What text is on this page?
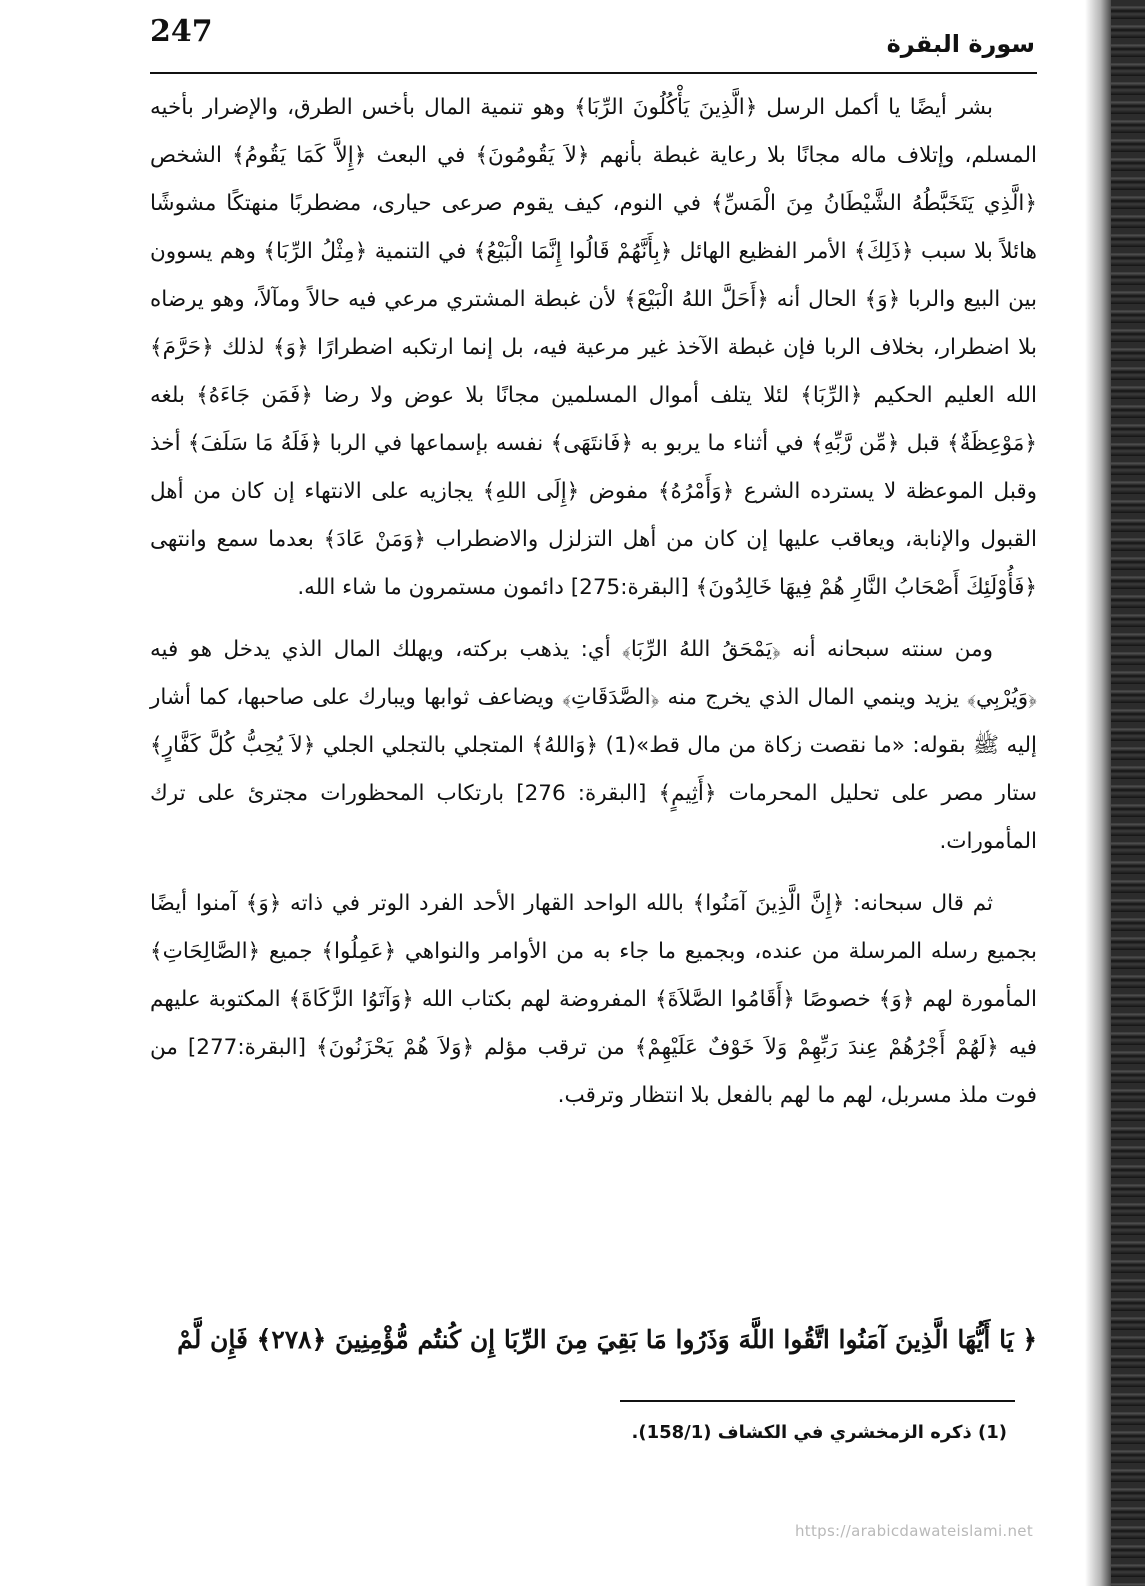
247	سورة البقرة

بشر أيضًا يا أكمل الرسل ﴿الَّذِينَ يَأْكُلُونَ الرِّبَا﴾ وهو تنمية المال بأخس الطرق، والإضرار بأخيه المسلم، وإتلاف ماله مجانًا بلا رعاية غبطة بأنهم ﴿لاَ يَقُومُونَ﴾ في البعث ﴿إِلاَّ كَمَا يَقُومُ﴾ الشخص ﴿الَّذِي يَتَخَبَّطُهُ الشَّيْطَانُ مِنَ الْمَسِّ﴾ في النوم، كيف يقوم صرعى حيارى، مضطربًا منهتكًا مشوشًا هائلاً بلا سبب ﴿ذَلِكَ﴾ الأمر الفظيع الهائل ﴿بِأَنَّهُمْ قَالُوا إِنَّمَا الْبَيْعُ﴾ في التنمية ﴿مِثْلُ الرِّبَا﴾ وهم يسوون بين البيع والربا ﴿وَ﴾ الحال أنه ﴿أَحَلَّ اللهُ الْبَيْعَ﴾ لأن غبطة المشتري مرعي فيه حالاً ومآلاً، وهو يرضاه بلا اضطرار، بخلاف الربا فإن غبطة الآخذ غير مرعية فيه، بل إنما ارتكبه اضطرارًا ﴿وَ﴾ لذلك ﴿حَرَّمَ﴾ الله العليم الحكيم ﴿الرِّبَا﴾ لئلا يتلف أموال المسلمين مجانًا بلا عوض ولا رضا ﴿فَمَن جَاءَهُ﴾ بلغه ﴿مَوْعِظَةٌ﴾ قبل ﴿مِّن رَّبِّهِ﴾ في أثناء ما يربو به ﴿فَانتَهَى﴾ نفسه بإسماعها في الربا ﴿فَلَهُ مَا سَلَفَ﴾ أخذ وقبل الموعظة لا يسترده الشرع ﴿وَأَمْرُهُ﴾ مفوض ﴿إِلَى اللهِ﴾ يجازيه على الانتهاء إن كان من أهل القبول والإنابة، ويعاقب عليها إن كان من أهل التزلزل والاضطراب ﴿وَمَنْ عَادَ﴾ بعدما سمع وانتهى ﴿فَأُوْلَئِكَ أَصْحَابُ النَّارِ هُمْ فِيهَا خَالِدُونَ﴾ [البقرة:275] دائمون مستمرون ما شاء الله.

ومن سنته سبحانه أنه ﴿يَمْحَقُ اللهُ الرِّبَا﴾ أي: يذهب بركته، ويهلك المال الذي يدخل هو فيه ﴿وَيُرْبِي﴾ يزيد وينمي المال الذي يخرج منه ﴿الصَّدَقَاتِ﴾ ويضاعف ثوابها ويبارك على صاحبها، كما أشار إليه ﷺ بقوله: «ما نقصت زكاة من مال قط»(1) ﴿وَاللهُ﴾ المتجلي بالتجلي الجلي ﴿لاَ يُحِبُّ كُلَّ كَفَّارٍ﴾ ستار مصر على تحليل المحرمات ﴿أَثِيمٍ﴾ [البقرة: 276] بارتكاب المحظورات مجترئ على ترك المأمورات.

ثم قال سبحانه: ﴿إِنَّ الَّذِينَ آمَنُوا﴾ بالله الواحد القهار الأحد الفرد الوتر في ذاته ﴿وَ﴾ آمنوا أيضًا بجميع رسله المرسلة من عنده، وبجميع ما جاء به من الأوامر والنواهي ﴿عَمِلُوا﴾ جميع ﴿الصَّالِحَاتِ﴾ المأمورة لهم ﴿وَ﴾ خصوصًا ﴿أَقَامُوا الصَّلاَةَ﴾ المفروضة لهم بكتاب الله ﴿وَآتَوُا الزَّكَاةَ﴾ المكتوبة عليهم فيه ﴿لَهُمْ أَجْرُهُمْ عِندَ رَبِّهِمْ وَلاَ خَوْفٌ عَلَيْهِمْ﴾ من ترقب مؤلم ﴿وَلاَ هُمْ يَحْزَنُونَ﴾ [البقرة:277] من فوت ملذ مسربل، لهم ما لهم بالفعل بلا انتظار وترقب.

﴿ يَا أَيُّهَا الَّذِينَ آمَنُوا اتَّقُوا اللَّهَ وَذَرُوا مَا بَقِيَ مِنَ الرِّبَا إِن كُنتُم مُّؤْمِنِينَ ﴿٢٧٨﴾ فَإِن لَّمْ
(1) ذكره الزمخشري في الكشاف (158/1).
https://arabicdawateislami.net
